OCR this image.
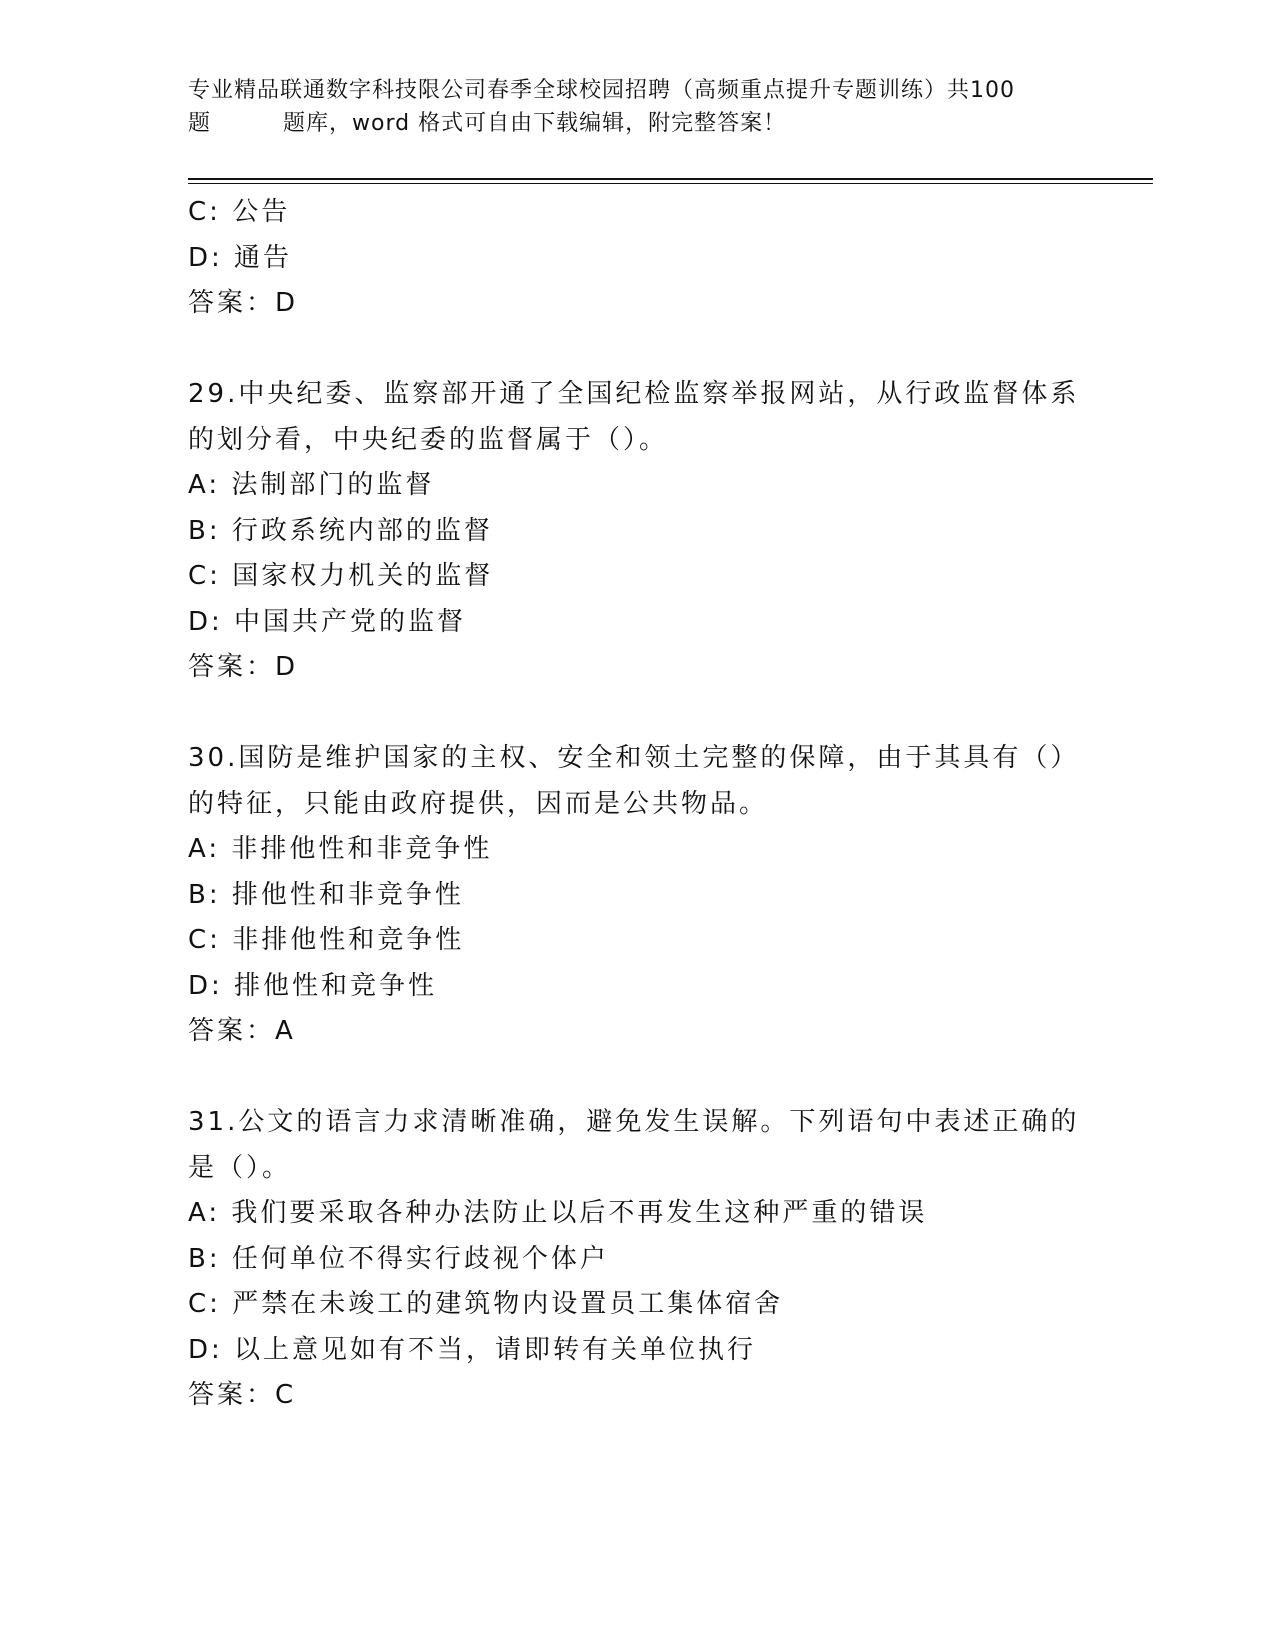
专业精品联通数字科技限公司春季全球校园招聘（高频重点提升专题训练）共100
题	题库，word 格式可自由下载编辑，附完整答案！
C: 公告
D: 通告
答案：D
29.中央纪委、监察部开通了全国纪检监察举报网站，从行政监督体系
的划分看，中央纪委的监督属于（）。
A: 法制部门的监督
B: 行政系统内部的监督
C: 国家权力机关的监督
D: 中国共产党的监督
答案：D
30.国防是维护国家的主权、安全和领土完整的保障，由于其具有（）
的特征，只能由政府提供，因而是公共物品。
A: 非排他性和非竞争性
B: 排他性和非竞争性
C: 非排他性和竞争性
D: 排他性和竞争性
答案：A
31.公文的语言力求清晰准确，避免发生误解。下列语句中表述正确的
是（）。
A: 我们要采取各种办法防止以后不再发生这种严重的错误
B: 任何单位不得实行歧视个体户
C: 严禁在未竣工的建筑物内设置员工集体宿舍
D: 以上意见如有不当，请即转有关单位执行
答案：C
